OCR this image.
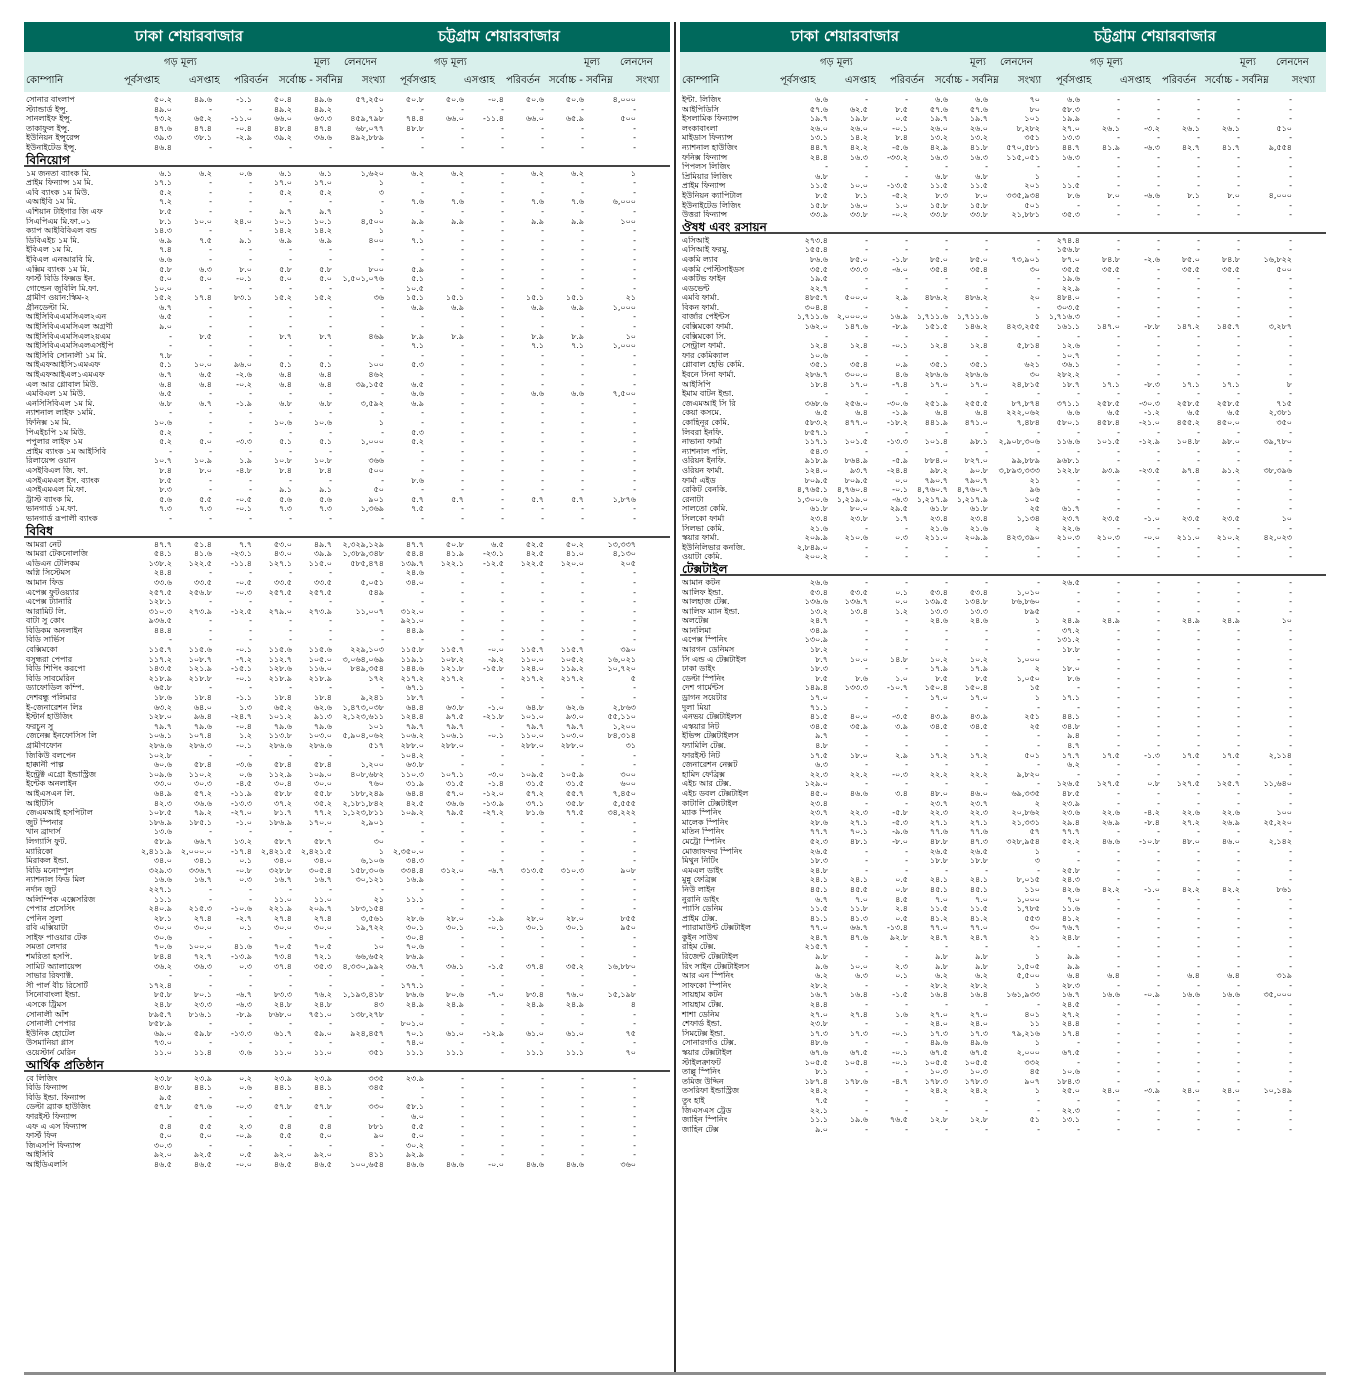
ঢাকা শেয়ারবাজার	চট্টগ্রাম শেয়ারবাজার
গড় মূল্য	মূল্য লেনদেন	গড় মূল্য	মূল্য লেনদেন
কোম্পানি	পূর্বসপ্তাহ	এসপ্তাহ পরিবর্তন সর্বোচ্চ - সর্বনিম্ন সংখ্যা পূর্বসপ্তাহ	এসপ্তাহ পরিবর্তন সর্বোচ্চ - সর্বনিম্ন সংখ্যা
সোনার বাংলাপ	৫০.২	৪৯.৬	-১.১	৫০.৪	৪৯.৬	৫৭,২৫০	৫০.৮	৫০.৬	-০.৪	৫০.৬	৫০.৬	৪,০০০
স্ট্যান্ডার্ড ইন্সু.	৪৯.০	-	-	৪৯.২	৪৯.২	১	-	-	-	-	-	-
সানলাইফ ইন্সু.	৭৩.২	৬৫.২	-১১.০	৬৬.০	৬৩.৩	৪৫৯,৭৯৮	৭৪.৪	৬৬.০	-১১.৪	৬৬.০	৬৫.৯	৫০০
তাকাফুল ইন্সু.	৪৭.৬	৪৭.৪	-০.৪	৪৮.৪	৪৭.৪	৬৮,০৭৭	৪৮.৮	-	-	-	-	-
ইউনিয়ন ইন্সুরেন্স	৩৯.৩	৩৮.১	-২.৯	৩৯.২	৩৬.৬	৪৯২,৮৮৯	-	-	-	-	-	-
ইউনাইটেড ইন্সু.	৪৬.৪	-	-	-	-	-	-	-	-	-	-	-
বিনিয়োগ
১ম জনতা ব্যাংক মি.	৬.১	৬.২	০.৬	৬.১	৬.১	১,৬২০	৬.২	৬.২	-	৬.২	৬.২	১
প্রাইম ফিন্যান্স ১ম মি.	১৭.১	-	-	১৭.০	১৭.০	১	-	-	-	-	-	-
এবি ব্যাংক ১ম মিউ.	৫.২	-	-	৫.২	৫.২	৩	-	-	-	-	-	-
এআইবি ১ম মি.	৭.২	-	-	-	-	-	৭.৬	৭.৬	-	৭.৬	৭.৬	৬,০০০
এশিয়ান টাইগার জি এফ	৮.৫	-	-	৯.৭	৯.৭	১	-	-	-	-	-	-
সিএপিএম মি.ফা.০১	৮.১	১০.০	২৪.০	১০.১	১০.১	৪,৫০০	৯.৯	৯.৯	-	৯.৯	৯.৯	১০০
ক্যাপ আইবিবিএল বন্ড	১৪.৩	-	-	১৪.২	১৪.২	১	-	-	-	-	-	-
ডিবিএইচ ১ম মি.	৬.৯	৭.৫	৯.১	৬.৯	৬.৯	৪০০	৭.১	-	-	-	-	-
ইবিএল ১ম মি.	৭.৪	-	-	-	-	-	-	-	-	-	-	-
ইবিএল এনআরবি মি.	৬.৬	-	-	-	-	-	-	-	-	-	-	-
এক্সিম ব্যাংক ১ম মি.	৫.৮	৬.৩	৮.০	৫.৮	৫.৮	৮০০	৫.৯	-	-	-	-	-
ফার্স্ট বিডি ফিক্সড ইন.	৫.০	৫.০	-০.১	৫.০	৫.০	১,৫০১,০৭৬	৫.১	-	-	-	-	-
গোল্ডেন জুবিলি মি.ফা.	১০.০	-	-	-	-	-	১০.৫	-	-	-	-	-
গ্রামীণ ওয়ান:স্কিম-২	১৫.২	১৭.৪	৮৩.১	১৫.২	১৫.২	৩৬	১৫.১	১৫.১	-	১৫.১	১৫.১	২১
গ্রীনডেল্টা মি.	৬.৭	-	-	-	-	-	৬.৯	৬.৯	-	৬.৯	৬.৯	১,০০০
আইসিবিএএমসিএল২এন	৬.৫	-	-	-	-	-	-	-	-	-	-	-
আইসিবিএএমসিএল অগ্রণী	৯.০	-	-	-	-	-	-	-	-	-	-	-
আইসিবিএএমসিএল২য়এম	-	৮.৫	-	৮.৭	৮.৭	৪৬৯	৮.৯	৮.৯	-	৮.৯	৮.৯	১০
আইসিবিএএমসিএলএসইপি	-	-	-	-	-	-	৭.১	-	-	৭.১	৭.১	১,০০০
আইসিবি সোনালী ১ম মি.	৭.৮	-	-	-	-	-	-	-	-	-	-	-
আইএফআইসি১এমএফ	৫.১	১০.০	৯৬.০	৫.১	৫.১	১০০	৫.৩	-	-	-	-	-
আইএফআইএল১এমএফ	৬.৭	৬.৫	-২.৬	৬.৪	৬.৪	৪৬২	-	-	-	-	-	-
এল আর গ্লোবাল মিউ.	৬.৪	৬.৪	-০.২	৬.৪	৬.৪	৩৯,১৫৫	৬.৫	-	-	-	-	-
এমবিএল ১ম মিউ.	৬.৫	-	-	-	-	-	৬.৬	-	-	৬.৬	৬.৬	৭,৫০০
এনসিসিবিএল ১ম মি.	৬.৮	৬.৭	-১.৯	৬.৮	৬.৮	৩,৫৯২	৬.৯	-	-	-	-	-
ন্যাশনাল লাইফ ১মমি.	-	-	-	-	-	-	-	-	-	-	-	-
ফিনিক্স ১ম মি.	১০.৬	-	-	১০.৬	১০.৬	১	-	-	-	-	-	-
পিএইচপি ১ম মিউ.	৫.২	-	-	-	-	-	৫.৩	-	-	-	-	-
পপুলার লাইফ ১ম	৫.২	৫.০	-৩.৩	৫.১	৫.১	১,০০০	৫.২	-	-	-	-	-
প্রাইম ব্যাংক ১ম আইসিবি	-	-	-	-	-	-	-	-	-	-	-	-
রিলায়েন্স ওয়ান	১০.৭	১০.৯	১.৯	১০.৮	১০.৮	৩৬৬	-	-	-	-	-	-
এসইবিএল জি. ফা.	৮.৪	৮.০	-৪.৮	৮.৪	৮.৪	৫০০	-	-	-	-	-	-
এসইএমএল ইস. ব্যাংক	৮.৫	-	-	-	-	-	৮.৬	-	-	-	-	-
এসইএমএল মি.ফা.	৮.৩	-	-	৯.১	৯.১	৫০	-	-	-	-	-	-
ট্রাস্ট ব্যাংক মি.	৫.৬	৫.৫	-০.৫	৫.৬	৫.৬	৯০১	৫.৭	৫.৭	-	৫.৭	৫.৭	১,৮৭৬
ভানগার্ড ১ম.ফা.	৭.৩	৭.৩	-০.১	৭.৩	৭.৩	১,৩৬৯	৭.৫	-	-	-	-	-
ভানগার্ড রূপালী ব্যাংক	-	-	-	-	-	-	-	-	-	-	-	-
বিবিধ
আমরা নেট	৪৭.৭	৫১.৪	৭.৭	৫৩.০	৪৯.৭	২,৩২৯,১২৯	৪৭.৭	৫০.৮	৬.৫	৫২.৫	৫০.২	১৩,৩৩৭
আমরা টেকনোলজি	৫৪.১	৪১.৬	-২৩.১	৪৩.০	৩৯.৯	১,৩৮৯,৩৪৮	৫৪.৪	৪১.৯	-২৩.১	৪২.৫	৪১.০	৪,১৩০
এডিএন টেলিকম	১৩৮.২	১২২.৫	-১১.৪	১২৭.১	১১৫.০	৫৮৫,৪৭৪	১৩৯.৭	১২২.১	-১২.৫	১২২.৫	১২০.০	২০৫
অগ্নি সিস্টেমস	২৪.৪	-	-	-	-	-	২৪.৬	-	-	-	-	-
আমান ফিড	৩৩.৬	৩৩.৫	-০.৫	৩৩.৫	৩৩.৫	৫,০৫১	৩৪.০	-	-	-	-	-
এপেক্স ফুটওয়্যার	২৫৭.৫	২৫৬.৮	-০.৩	২৫৭.৫	২৫৭.৫	৫৪৯	-	-	-	-	-	-
এপেক্স ট্যানারি	১২৮.১	-	-	-	-	-	-	-	-	-	-	-
আরামিট লি.	৩১০.৩	২৭৩.৯	-১২.৫	২৭৯.০	২৭৩.৯	১১,০০৭	৩১২.০	-	-	-	-	-
বাটা সু কোং	৯৩৬.৫	-	-	-	-	-	৯২১.০	-	-	-	-	-
বিডিকম অনলাইন	৪৪.৪	-	-	-	-	-	৪৪.৯	-	-	-	-	-
বিডি সার্ভিস	-	-	-	-	-	-	-	-	-	-	-	-
বেক্সিমকো	১১৫.৭	১১৫.৬	-০.১	১১৫.৬	১১৫.৬	২২৯,১০৩	১১৫.৮	১১৫.৭	-০.০	১১৫.৭	১১৫.৭	৩৯০
বসুন্ধরা পেপার	১১৭.২	১০৮.৭	-৭.২	১১২.৭	১০৫.০	৩,০৬৪,০৬৯	১১৯.১	১০৮.২	-৯.২	১১০.০	১০৫.২	১৬,০২১
বিডি শিপিং করপো	১৪৩.৫	১২১.৯	-১৫.১	১২৮.৬	১১৬.০	৮৪৯,৩৫৪	১৪৪.৬	১২১.৮	-১৫.৮	১২৪.০	১১৯.২	১০,৭২০
বিডি সাবমেরিন	২১৮.৯	২১৮.৮	-০.১	২১৮.৯	২১৮.৯	১৭২	২১৭.২	২১৭.২	-	২১৭.২	২১৭.২	৫
ড্যাফোডিল কম্পি.	৬৫.৮	-	-	-	-	-	৬৭.১	-	-	-	-	-
দেশবন্ধু পলিমার	১৮.৬	১৮.৪	-১.১	১৮.৪	১৮.৪	৯,২৪১	১৮.৭	-	-	-	-	-
ই-জেনারেশন লিঃ	৬৩.২	৬৪.০	১.৩	৬৫.২	৬২.৬	১,৪৭৩,০৩৮	৬৪.৪	৬৩.৮	-১.০	৬৪.৮	৬২.৬	২,৮৬৩
ইস্টার্ন হাউজিং	১২৮.০	৯৬.৪	-২৪.৭	১০১.২	৯১.৩	২,১২৩,৬১১	১২৪.৪	৯৭.৫	-২১.৮	১০১.০	৯৩.০	৫৫,১১০
ফরচুন সু	৭৯.৭	৭৯.৬	-০.৪	৭৯.৬	৭৯.৬	১০১	৭৯.৭	৭৯.৭	-	৭৯.৭	৭৯.৭	১,২০০
জেনেক্স ইনফোসিস লি	১০৬.১	১০৭.৪	১.২	১১৩.৮	১০৩.০	৫,৯০৪,০৬২	১০৬.২	১০৬.১	-০.১	১১০.০	১০৩.০	৮৪,৩১৪
গ্রামীণফোন	২৮৬.৬	২৮৬.৩	-০.১	২৮৬.৬	২৮৬.৬	৫১৭	২৮৮.০	২৮৮.০	-	২৮৮.০	২৮৮.০	৩১
জিকিউ বলপেন	১০২.৮	-	-	-	-	-	১০৪.২	-	-	-	-	-
হাক্কানী পাল্প	৬০.৬	৫৮.৪	-৩.৬	৫৮.৪	৫৮.৪	১,২০০	৬৩.৮	-	-	-	-	-
ইন্ট্রেক্ট এগ্রো ইন্ডাস্ট্রিজ	১০৯.৬	১১০.২	০.৬	১১২.৯	১০৯.০	৪০৮,৬৮২	১১০.৩	১০৭.১	-৩.০	১০৯.৫	১০৫.৯	৩০০
ইন্টেক অনলাইন	৩৩.০	৩০.৩	-৪.৫	৩০.৪	৩০.০	৭৬০	৩১.৯	৩১.৫	-১.৪	৩১.৫	৩১.৫	৬০০
আইএসএন লি.	৬৪.৯	৫৭.২	-১১.৯	৫৮.৮	৫৫.৮	১৮৮,২৪৯	৬৪.৪	৫৭.০	-১২.০	৫৭.২	৫৫.৭	৭,৪৫০
আইটিসি	৪২.৩	৩৬.৬	-১৩.৩	৩৭.২	৩৫.২	২,১৮১,৮৪২	৪২.৫	৩৬.৬	-১৩.৯	৩৭.১	৩৫.৮	৫,৫৫৫
জেএমআই হসপিটাল	১০৮.৫	৭৯.২	-২৭.০	৮১.৭	৭৭.২	১,১২৩,৮১১	১০৯.২	৭৯.৫	-২৭.২	৮১.৬	৭৭.৫	৩৪,২২২
জুট স্পিনার	১৮৬.৯	১৮৫.১	-১.০	১৮৬.৯	১৭০.০	২,৯০১	-	-	-	-	-	-
খান ব্রাদার্স	১৩.৬	-	-	-	-	-	-	-	-	-	-	-
লিগ্যাসি ফুট.	৫৮.৯	৬৬.৭	১৩.২	৫৮.৭	৫৮.৭	৩০	-	-	-	-	-	-
ম্যারিকো	২,৪১১.৯	২,০০০.০	-১৭.৪	২,৪২১.৫	২,৪২১.৫	১	২,৩৫০.০	-	-	-	-	-
মিরাকল ইন্ডা.	৩৪.০	৩৪.১	০.১	৩৪.০	৩৪.০	৬,১০৬	৩৪.৩	-	-	-	-	-
বিডি মনোস্পুল	৩২৯.৩	৩৩৬.৭	-০.৮	৩২৮.৮	৩০৫.৪	১৫৮,৩০৬	৩৩৪.৪	৩১২.০	-৬.৭	৩১৩.৫	৩১০.৩	৯০৮
ন্যাশনাল ফিড মিল	১৬.৬	১৬.৭	০.৩	১৬.৭	১৬.৭	৩০,১২১	১৬.৯	-	-	-	-	-
নর্দান জুট	২২৭.১	-	-	-	-	-	-	-	-	-	-	-
অলিম্পিক এক্সেসরিজ	১১.১	-	-	১১.০	১১.০	২১	১১.১	-	-	-	-	-
পেপার প্রসেসিং	২৪০.৯	২১৫.৩	-১০.৬	২২১.৯	২০৯.৭	১৮৩,১৫৪	-	-	-	-	-	-
পেনিন সুলা	২৮.১	২৭.৪	-২.৭	২৭.৪	২৭.৪	৩,৫৬১	২৮.৬	২৮.০	-১.৯	২৮.০	২৮.০	৮৫৫
রবি এক্সিয়াটা	৩০.০	৩০.০	০.১	৩০.০	৩০.০	১৯,৭২২	৩০.১	৩০.১	-০.১	৩০.১	৩০.১	৯৫০
সাইফ পাওয়ার টেক	৩০.৬	-	-	-	-	-	৩০.৪	-	-	-	-	-
সমতা লেদার	৭০.৬	১০০.০	৪১.৬	৭০.৫	৭০.৫	১০	৭০.৬	-	-	-	-	-
শমরিতা হসপি.	৮৪.৪	৭২.৭	-১৩.৯	৭৩.৪	৭২.১	৬৬,৬৫২	৮৬.৯	-	-	-	-	-
সামিট অ্যালায়েন্স	৩৬.২	৩৬.৩	০.৩	৩৭.৪	৩৫.৩	৪,৩৩০,৯৯২	৩৬.৭	৩৬.১	-১.৫	৩৭.৪	৩৫.২	১৬,৮৮০
সাভার রিফ্যাক্ট.	-	-	-	-	-	-	-	-	-	-	-	-
সী পার্ল বীচ রিসোর্ট	১৭২.৪	-	-	-	-	-	১৭৭.১	-	-	-	-	-
সিনোবাংলা ইন্ডা.	৮৫.৮	৮০.১	-৬.৭	৮৩.৩	৭৬.২	১,১৯৩,৪১৮	৮৬.৬	৮০.৬	-৭.০	৮৩.৪	৭৬.০	১৫,১৯৮
এসকে ট্রিমস	২৪.৮	২৩.৩	-৬.৩	২৪.৮	২৪.৮	৪৩	২৪.৯	২৪.৯	-	২৪.৯	২৪.৯	৪
সোনালী আঁশ	৮৯৫.৭	৮১৬.১	-৮.৯	৮৬৮.০	৭৫১.০	১৩৮,২৭৮	-	-	-	-	-	-
সোনালী পেপার	৮৫৮.৯	-	-	-	-	-	৮০১.০	-	-	-	-	-
ইউনিক হোটেল	৬৯.০	৫৯.৮	-১৩.৩	৬১.৭	৫৯.০	৯২৪,৪৫৭	৭০.১	৬১.০	-১২.৯	৬১.০	৬১.০	৭৫
উসমানিয়া গ্লাস	৭৩.০	-	-	-	-	-	৭৪.০	-	-	-	-	-
ওয়েস্টার্ন মেরিন	১১.০	১১.৪	৩.৬	১১.০	১১.০	৩৫১	১১.১	১১.১	-	১১.১	১১.১	৭০
আর্থিক প্রতিষ্ঠান
বে লিজিং	২৩.৮	২৩.৯	০.২	২৩.৯	২৩.৯	৩৩৫	২৩.৯	-	-	-	-	-
বিডি ফিন্যান্স	৪৩.৮	৪৪.১	০.৬	৪৪.১	৪৪.১	৩৪৫	-	-	-	-	-	-
বিডি ইন্ডা. ফিন্যান্স	৯.৫	-	-	-	-	-	-	-	-	-	-	-
ডেল্টা ব্র্যাক হাউজিং	৫৭.৮	৫৭.৬	-০.৩	৫৭.৮	৫৭.৮	৩৩০	৫৮.১	-	-	-	-	-
ফারইস্ট ফিন্যান্স	-	-	-	-	-	-	৬.০	-	-	-	-	-
এফ এ এস ফিন্যান্স	৫.৪	৫.৫	২.৩	৫.৪	৫.৪	৮৮১	৫.৫	-	-	-	-	-
ফার্স্ট ফিন	৫.০	৫.০	-০.৯	৫.৫	৫.০	৯০	৫.০	-	-	-	-	-
জিএসপি ফিন্যান্স	৩০.৩	-	-	-	-	-	৩০.২	-	-	-	-	-
আইসিবি	৯২.০	৯২.৫	০.৫	৯২.০	৯২.০	৪১১	৯২.৯	-	-	-	-	-
আইডিএলসি	৪৬.৫	৪৬.৫	-০.০	৪৬.৫	৪৬.৫	১০০,৬৫৪	৪৬.৬	৪৬.৬	-০.০	৪৬.৬	৪৬.৬	৩৬০
ঢাকা শেয়ারবাজার	চট্টগ্রাম শেয়ারবাজার
গড় মূল্য	মূল্য লেনদেন	গড় মূল্য	মূল্য লেনদেন
কোম্পানি	পূর্বসপ্তাহ	এসপ্তাহ পরিবর্তন সর্বোচ্চ - সর্বনিম্ন সংখ্যা পূর্বসপ্তাহ	এসপ্তাহ পরিবর্তন সর্বোচ্চ - সর্বনিম্ন সংখ্যা
ইন্টা. লিজিং	৬.৬	-	-	৬.৬	৬.৬	৭০	৬.৬	-	-	-	-	-
আইপিডিসি	৫৭.৬	৬২.৫	৮.৫	৫৭.৬	৫৭.৬	৮০	৫৮.৩	-	-	-	-	-
ইসলামিক ফিন্যান্স	১৯.৭	১৯.৮	০.৫	১৯.৭	১৯.৭	১০১	১৯.৯	-	-	-	-	-
লংকাবাংলা	২৬.০	২৬.০	-০.১	২৬.০	২৬.০	৮,২৮২	২৭.০	২৬.১	-৩.২	২৬.১	২৬.১	৫১০
মাইডাস ফিন্যান্স	১৩.১	১৪.২	৮.৪	১৩.২	১৩.২	৩৫১	১৩.৩	-	-	-	-	-
ন্যাশনাল হাউজিং	৪৪.৭	৪২.২	-৫.৬	৪২.৯	৪১.৮	৫৭০,৫৮১	৪৪.৭	৪১.৯	-৬.৩	৪২.৭	৪১.৭	৯,৫৫৪
ফনিক্স ফিন্যান্স	২৪.৪	১৬.৩	-৩৩.২	১৬.৩	১৬.৩	১১৫,০৫১	১৬.৩	-	-	-	-	-
পিপলস লিজিং	-	-	-	-	-	-	-	-	-	-	-	-
প্রিমিয়ার লিজিং	৬.৮	-	-	৬.৮	৬.৮	১	-	-	-	-	-	-
প্রাইম ফিন্যান্স	১১.৫	১০.০	-১৩.৫	১১.৫	১১.৫	২০১	১১.৫	-	-	-	-	-
ইউনিয়ন ক্যাপিটাল	৮.৫	৮.১	-৫.২	৮.৩	৮.০	৩৩৫,৯৩৪	৮.৬	৮.০	-৬.৬	৮.১	৮.০	৪,০০০
ইউনাইটেড লিজিং	১৫.৮	১৬.০	১.০	১৫.৮	১৫.৮	৫০১	-	-	-	-	-	-
উত্তরা ফিন্যান্স	৩৩.৯	৩৩.৮	-০.২	৩৩.৮	৩৩.৮	২১,৮৮১	৩৫.৩	-	-	-	-	-
ঔষধ এবং রসায়ন
এসিআই	২৭৩.৪	-	-	-	-	-	২৭৪.৪	-	-	-	-	-
এসিআই ফরমু.	১৫৫.৪	-	-	-	-	-	১৫৬.৮	-	-	-	-	-
একমি ল্যাব	৮৬.৬	৮৫.০	-১.৮	৮৫.০	৮৫.০	৭৩,৯০১	৮৭.০	৮৪.৮	-২.৬	৮৫.০	৮৪.৮	১৬,৮২২
একমি পেস্টিসাইডস	৩৫.৫	৩৩.৩	-৬.০	৩৫.৪	৩৫.৪	৩০	৩৫.৫	৩৫.৫	-	৩৫.৫	৩৫.৫	৫০০
একটিভ ফাইন	১৯.৫	-	-	-	-	-	১৯.৬	-	-	-	-	-
এডভেন্ট	২২.৭	-	-	-	-	-	২২.৯	-	-	-	-	-
এমবি ফার্মা.	৪৮৫.৭	৫০০.০	২.৯	৪৮৬.২	৪৮৬.২	২০	৪৮৪.০	-	-	-	-	-
বিকন ফার্মা.	৩০৪.৪	-	-	-	-	-	৩০৩.৫	-	-	-	-	-
বার্জার পেইন্টস	১,৭১১.৬	২,০০০.০	১৬.৯	১,৭১১.৬	১,৭১১.৬	১	১,৭১৬.৩	-	-	-	-	-
বেক্সিমকো ফার্মা.	১৬২.০	১৪৭.৬	-৮.৯	১৫১.৫	১৪৬.২	৪২৩,২৫৫	১৬১.১	১৪৭.০	-৮.৮	১৪৭.২	১৪৫.৭	৩,২৮৭
বেক্সিমকো সি.	-	-	-	-	-	-	-	-	-	-	-	-
সেন্ট্রাল ফার্মা.	১২.৪	১২.৪	-০.১	১২.৪	১২.৪	৫,৮১৪	১২.৬	-	-	-	-	-
ফার কেমিক্যাল	১০.৬	-	-	-	-	-	১০.৭	-	-	-	-	-
গ্লোবাল হেভি কেমি.	৩৫.১	৩৫.৪	০.৯	৩৫.১	৩৫.১	৬২১	৩৬.১	-	-	-	-	-
ইবনে সিনা ফার্মা.	২৮৬.৭	৩০০.০	৪.৬	২৮৬.৬	২৮৬.৬	৩০	২৮২.২	-	-	-	-	-
আইসিপি	১৮.৪	১৭.০	-৭.৪	১৭.০	১৭.০	২৪,৮১৫	১৮.৭	১৭.১	-৮.৩	১৭.১	১৭.১	৮
ইমাম বাটন ইন্ডা.	-	-	-	-	-	-	-	-	-	-	-	-
জেএমআই সি রি	৩৬৮.৬	২৫৬.০	-৩০.৬	২৫১.৯	২৫৫.৫	৮৭,৮৭৪	৩৭১.১	২৫৮.৫	-৩০.৩	২৫৮.৫	২৫৮.৫	৭১৫
কেয়া কসমে.	৬.৫	৬.৪	-১.৯	৬.৪	৬.৪	২২২,০৬২	৬.৬	৬.৫	-১.২	৬.৫	৬.৫	২,৩৮১
কোহিনূর কেমি.	৫৮৩.২	৪৭৭.০	-১৮.২	৪৪১.৯	৪৭১.০	৭,৪৮৪	৫৮০.১	৪৫৮.৪	-২১.০	৪৫৫.২	৪৫০.০	৩৫০
লিবরা ইনফি.	৮৫৭.১	-	-	-	-	-	-	-	-	-	-	-
নাভানা ফার্মা	১১৭.১	১০১.৫	-১৩.৩	১০১.৪	৯৮.১	২,৯০৮,৩০৬	১১৬.৬	১০১.৫	-১২.৯	১০৪.৮	৯৮.০	৩৯,৭৮০
ন্যাশনাল পলি.	৫৪.৩	-	-	-	-	-	-	-	-	-	-	-
ওরিয়ন ইনফি.	৯১৮.৯	৮৬৪.৯	-৫.৯	৮৮৪.০	৮২৭.০	৯৯,৮৮৯	৯৬৮.১	-	-	-	-	-
ওরিয়ন ফার্মা.	১২৪.০	৯৩.৭	-২৪.৪	৯৮.২	৯০.৮	৩,৮৯৩,৩৩৩	১২২.৮	৯৩.৯	-২৩.৫	৯৭.৪	৯১.২	৩৮,৩৯৬
ফার্মা এইড	৮০৯.৫	৮০৯.৫	০.০	৭৯০.৭	৭৯০.৭	২১	-	-	-	-	-	-
রেকিট বেনকি.	৪,৭৬৫.১	৪,৭৬০.৪	-০.১	৪,৭৬০.৭	৪,৭৬০.৭	৯৬	-	-	-	-	-	-
রেনাটা	১,৩০০.৬	১,২১৯.০	-৬.৩	১,২১৭.৯	১,২১৭.৯	১০৫	-	-	-	-	-	-
সালতো কেমি.	৬১.৮	৮০.০	২৯.৫	৬১.৮	৬১.৮	২৫	৬১.৭	-	-	-	-	-
সিলকো ফার্মা	২৩.৪	২৩.৮	১.৭	২৩.৪	২৩.৪	১,১৩৪	২৩.৭	২৩.৫	-১.০	২৩.৫	২৩.৫	১০
সিলভা কেমি.	২১.৬	-	-	২১.৬	২১.৬	২	২২.৬	-	-	-	-	-
স্কয়ার ফার্মা.	২০৯.৯	২১০.৬	০.৩	২১১.০	২০৯.৯	৪২৩,৩৯০	২১০.৩	২১০.৩	-০.০	২১১.০	২১০.২	৪২,০২৩
ইউনিলিভার কনজি.	২,৮৪৯.০	-	-	-	-	-	-	-	-	-	-	-
ওয়াটা কেমি.	২০০.২	-	-	-	-	-	-	-	-	-	-	-
টেক্সটাইল
আমান কটন	২৬.৬	-	-	-	-	-	২৬.৫	-	-	-	-	-
আলিফ ইন্ডা.	৫৩.৪	৫৩.৫	০.১	৫৩.৪	৫৩.৪	১,০১০	-	-	-	-	-	-
আলহাজ টেক্স.	১৩৬.৬	১৩৬.৭	০.০	১৩৯.৫	১৩৪.৮	৮৬,৮৬০	-	-	-	-	-	-
আলিফ ম্যান ইন্ডা.	১৩.২	১৩.৪	১.২	১৩.৩	১৩.৩	৮৯৫	-	-	-	-	-	-
অলটেক্স	২৪.৭	-	-	২৪.৬	২৪.৬	১	২৪.৯	২৪.৯	-	২৪.৯	২৪.৯	১০
আনলিমা	৩৪.৯	-	-	-	-	-	৩৭.২	-	-	-	-	-
এপেক্স স্পিনিং	১৩০.৯	-	-	-	-	-	১৩১.২	-	-	-	-	-
আরগন ডেনিমস	১৮.২	-	-	-	-	-	১৮.৮	-	-	-	-	-
সি এন্ড এ টেক্সটাইল	৮.৭	১০.০	১৪.৮	১০.২	১০.২	১,০০০	-	-	-	-	-	-
ঢাকা ডাইং	১৮.৩	-	-	১৭.৯	১৭.৯	২	১৮.০	-	-	-	-	-
ডেল্টা স্পিনিং	৮.৫	৮.৬	১.০	৮.৫	৮.৫	১,০৫০	৮.৬	-	-	-	-	-
দেশ গার্মেন্টস	১৪৯.৪	১৩৩.৩	-১০.৭	১৫০.৪	১৫০.৪	১৫	-	-	-	-	-	-
ড্রাগন সয়েটার	১৭.০	-	-	১৭.০	১৭.০	১	১৭.১	-	-	-	-	-
দুলা মিয়া	৭১.১	-	-	-	-	-	-	-	-	-	-	-
এনভয় টেক্সটাইলস	৪১.৫	৪০.০	-৩.৫	৪৩.৯	৪৩.৯	২৫১	৪৪.১	-	-	-	-	-
এস্কয়ার নিট	৩৪.৫	৩৫.৯	৩.৯	৩৪.৫	৩৪.৫	২৫	৩৪.৮	-	-	-	-	-
ইভিন্স টেক্সটাইলস	৯.৭	-	-	-	-	-	৯.৪	-	-	-	-	-
ফ্যামিলি টেক্স.	৪.৮	-	-	-	-	-	৪.৭	-	-	-	-	-
ফারইস্ট নিট	১৭.৫	১৮.০	২.৯	১৭.২	১৭.২	৫০১	১৭.৭	১৭.৫	-১.৩	১৭.৫	১৭.৫	২,১১৪
জেনারেশন নেক্সট	৬.৩	-	-	-	-	-	৬.২	-	-	-	-	-
হামিদ ফেব্রিক্স	২২.৩	২২.২	-০.৩	২২.২	২২.২	৯,৮২০	-	-	-	-	-	-
এইচ আর টেক্স.	১২৯.০	-	-	-	-	-	১২৬.৫	১২৭.৫	০.৮	১২৭.৫	১২৫.৭	১১,৬৪০
এইচ ডবল টেক্সটাইল	৪৫.০	৪৬.৬	৩.৪	৪৮.০	৪৬.০	৬৯,৩৩৫	৪৮.৫	-	-	-	-	-
কাটালি টেক্সটাইল	২৩.৪	-	-	২৩.৭	২৩.৭	২	২৩.৯	-	-	-	-	-
ম্যাক স্পিনিং	২৩.৭	২২.৩	-৫.৮	২২.৩	২২.৩	২০,৮৬২	২৩.৬	২২.৬	-৪.২	২২.৬	২২.৬	১০০
মালেক স্পিনিং	২৮.৬	২৭.১	-৫.৩	২৭.১	২৭.১	২১,৩৩১	২৯.৪	২৬.৯	-৮.৪	২৭.২	২৬.৯	২৫,২২০
মতিন স্পিনিং	৭৭.৭	৭০.১	-৯.৬	৭৭.৬	৭৭.৬	৫৭	৭৭.৭	-	-	-	-	-
মেট্রো স্পিনিং	৫২.৩	৪৮.১	-৮.০	৪৮.৮	৪৭.৩	৩২৮,৯৫৪	৫২.২	৪৬.৬	-১০.৮	৪৮.০	৪৬.০	২,১৪২
মোজাফফর স্পিনিং	২৬.৫	-	-	২৬.৫	২৬.৫	১	-	-	-	-	-	-
মিথুন নিটিং	১৮.৩	-	-	১৮.৮	১৮.৮	৩	-	-	-	-	-	-
এমএল ডাইং	২৪.৮	-	-	-	-	-	২৫.৮	-	-	-	-	-
মুন্নু ফেব্রিক্স	২৪.১	২৪.১	০.৫	২৪.১	২৪.১	৮,০১৫	২৪.৩	-	-	-	-	-
নিউ লাইন	৪৫.১	৪৫.৫	০.৮	৪৫.১	৪৫.১	১১০	৪২.৬	৪২.২	-১.০	৪২.২	৪২.২	৮৬১
নুরানি ডাইং	৬.৭	৭.০	৪.৫	৭.০	৭.০	১,০০০	৭.০	-	-	-	-	-
প্যাসি ডেনিম	১১.৫	১১.৮	২.৪	১১.৫	১১.৫	১,৭৮৫	১১.৬	-	-	-	-	-
প্রাইম টেক্স.	৪১.১	৪১.৩	০.৫	৪১.২	৪১.২	৫৫৩	৪১.২	-	-	-	-	-
প্যারামাউন্ট টেক্সটাইল	৭৭.০	৬৬.৭	-১৩.৪	৭৭.০	৭৭.০	৩০	৭৬.৭	-	-	-	-	-
কুইন সাউথ	২৪.৭	৪৭.৬	৯২.৮	২৪.৭	২৪.৭	২১	২৪.৮	-	-	-	-	-
রহিম টেক্স.	২১৫.৭	-	-	-	-	-	-	-	-	-	-	-
রিজেন্ট টেক্সটাইল	৯.৮	-	-	৯.৮	৯.৮	১	৯.৯	-	-	-	-	-
রিং সাইন টেক্সটাইলস	৯.৬	১০.০	২.৩	৯.৮	৯.৮	১,৫০৫	৯.৯	-	-	-	-	-
আর এন স্পিনিং	৬.২	৬.৩	০.১	৬.২	৬.২	৫,৫০০	৬.৪	৬.৪	-	৬.৪	৬.৪	৩১৯
সাফকো স্পিনিং	২৮.২	-	-	২৮.২	২৮.২	১	২৮.৩	-	-	-	-	-
সায়হাম কটন	১৬.৭	১৬.৪	-১.৫	১৬.৪	১৬.৪	১৬১,৯৩৩	১৬.৭	১৬.৬	-০.৯	১৬.৬	১৬.৬	৩৫,০০০
সায়হাম টেক্স.	২৪.৪	-	-	-	-	-	২৪.৫	-	-	-	-	-
শাশা ডেনিম	২৭.০	২৭.৪	১.৬	২৭.০	২৭.০	৪০১	২৭.২	-	-	-	-	-
শেফার্ড ইন্ডা.	২৩.৮	-	-	২৪.০	২৪.০	১১	২৪.৪	-	-	-	-	-
সিমটেক্স ইন্ডা.	১৭.৩	১৭.৩	-০.১	১৭.৩	১৭.৩	৭৯,২১৬	১৭.৪	-	-	-	-	-
সোনারগাঁও টেক্স.	৪৮.৬	-	-	৪৯.৬	৪৯.৬	১	-	-	-	-	-	-
স্কয়ার টেক্সটাইল	৬৭.৬	৬৭.৫	-০.১	৬৭.৫	৬৭.৫	২,০০০	৬৭.৫	-	-	-	-	-
স্টাইলক্রাফট	১০৫.৫	১০৫.৪	-০.১	১০৫.৫	১০৫.৫	৩৩২	-	-	-	-	-	-
তাল্লু স্পিনিং	৮.১	-	-	১০.৩	১০.৩	৪৫	১০.৬	-	-	-	-	-
তমিজ উদ্দিন	১৮৭.৪	১৭৮.৬	-৪.৭	১৭৮.৩	১৭৮.৩	৯০৭	১৮৪.৩	-	-	-	-	-
তসরিফা ইন্ডাস্ট্রিজ	২৪.২	-	-	২৪.২	২৪.২	১	২৫.০	২৪.০	-৩.৯	২৪.০	২৪.০	১০,১৪৯
তুং হাই	৭.৫	-	-	-	-	-	-	-	-	-	-	-
জিএসএস ট্রেড	২২.১	-	-	-	-	-	২২.৩	-	-	-	-	-
জাহিন স্পিনিং	১১.১	১৯.৬	৭৬.৫	১২.৮	১২.৮	৫১	১৩.১	-	-	-	-	-
জাহিন টেক্স	৯.০	-	-	-	-	-	-	-	-	-	-	-
